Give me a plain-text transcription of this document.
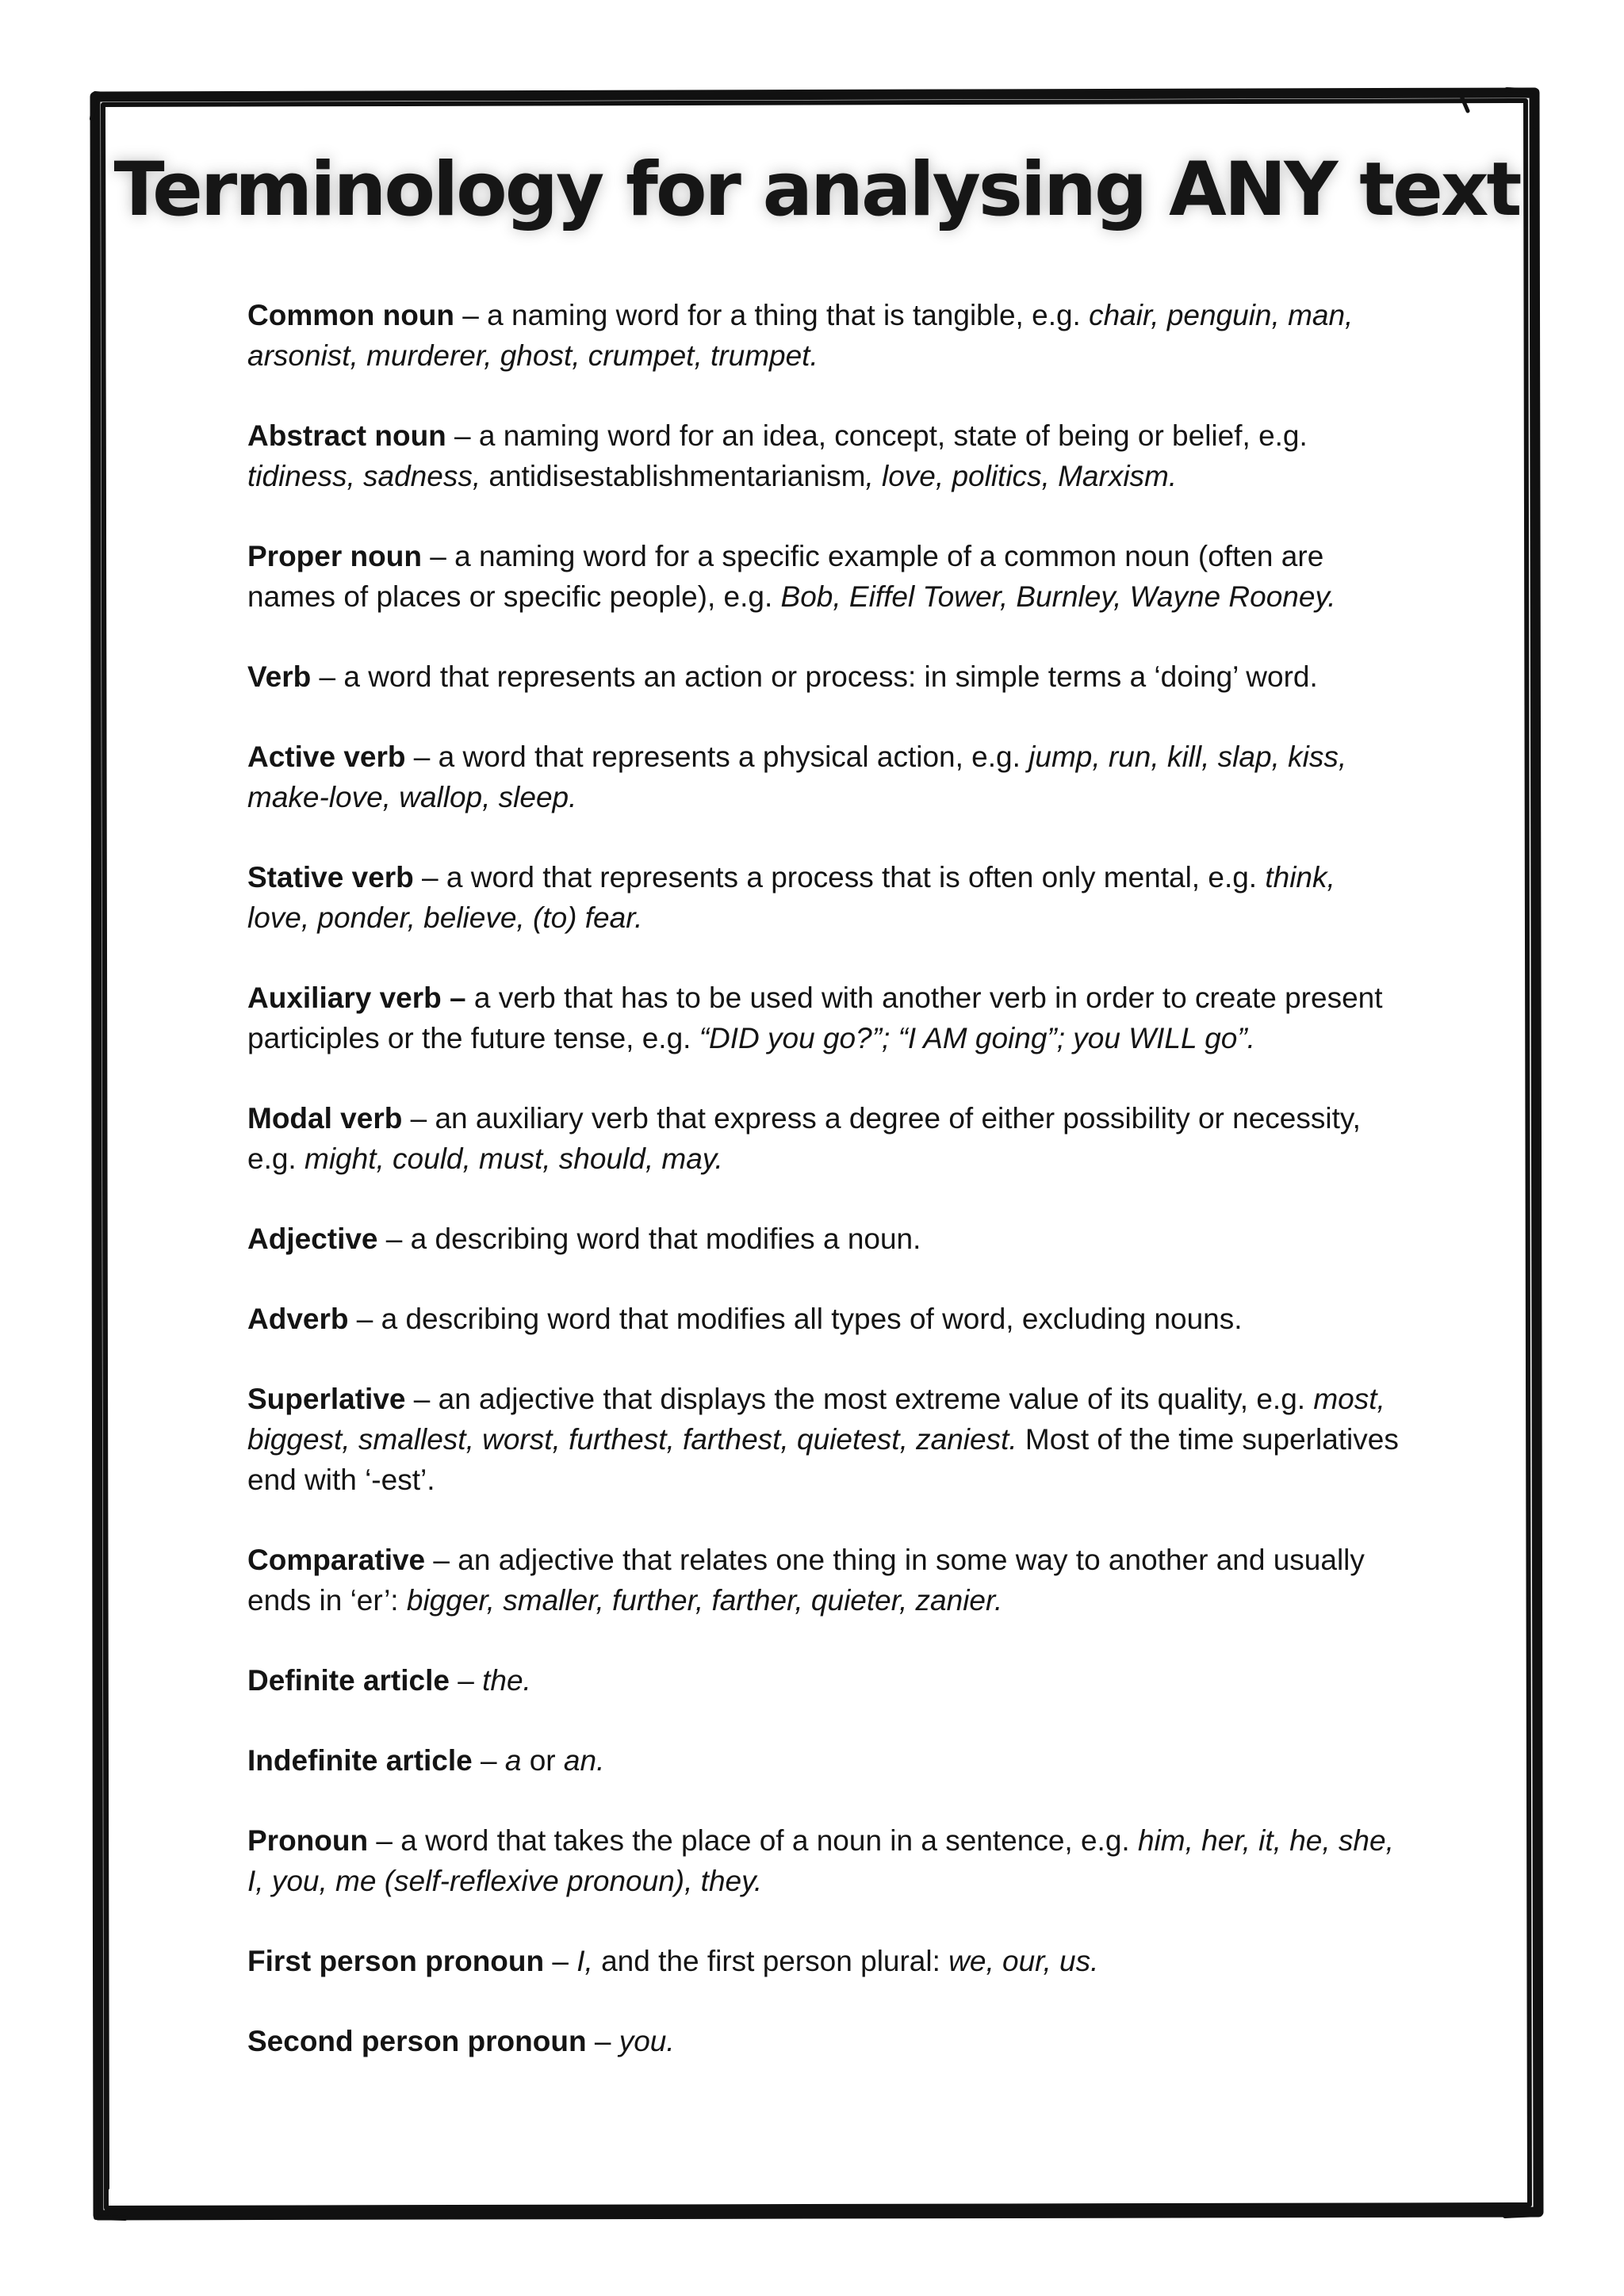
Terminology for analysing ANY text
Common noun – a naming word for a thing that is tangible, e.g. chair, penguin, man, arsonist, murderer, ghost, crumpet, trumpet.
Abstract noun – a naming word for an idea, concept, state of being or belief, e.g. tidiness, sadness, antidisestablishmentarianism, love, politics, Marxism.
Proper noun – a naming word for a specific example of a common noun (often are names of places or specific people), e.g. Bob, Eiffel Tower, Burnley, Wayne Rooney.
Verb – a word that represents an action or process: in simple terms a ‘doing’ word.
Active verb – a word that represents a physical action, e.g. jump, run, kill, slap, kiss, make-love, wallop, sleep.
Stative verb – a word that represents a process that is often only mental, e.g. think, love, ponder, believe, (to) fear.
Auxiliary verb – a verb that has to be used with another verb in order to create present participles or the future tense, e.g. “DID you go?”; “I AM going”; you WILL go”.
Modal verb – an auxiliary verb that express a degree of either possibility or necessity, e.g. might, could, must, should, may.
Adjective – a describing word that modifies a noun.
Adverb – a describing word that modifies all types of word, excluding nouns.
Superlative – an adjective that displays the most extreme value of its quality, e.g. most, biggest, smallest, worst, furthest, farthest, quietest, zaniest. Most of the time superlatives end with ‘-est’.
Comparative – an adjective that relates one thing in some way to another and usually ends in ‘er’: bigger, smaller, further, farther, quieter, zanier.
Definite article – the.
Indefinite article – a or an.
Pronoun – a word that takes the place of a noun in a sentence, e.g. him, her, it, he, she, I, you, me (self-reflexive pronoun), they.
First person pronoun – I, and the first person plural: we, our, us.
Second person pronoun – you.
